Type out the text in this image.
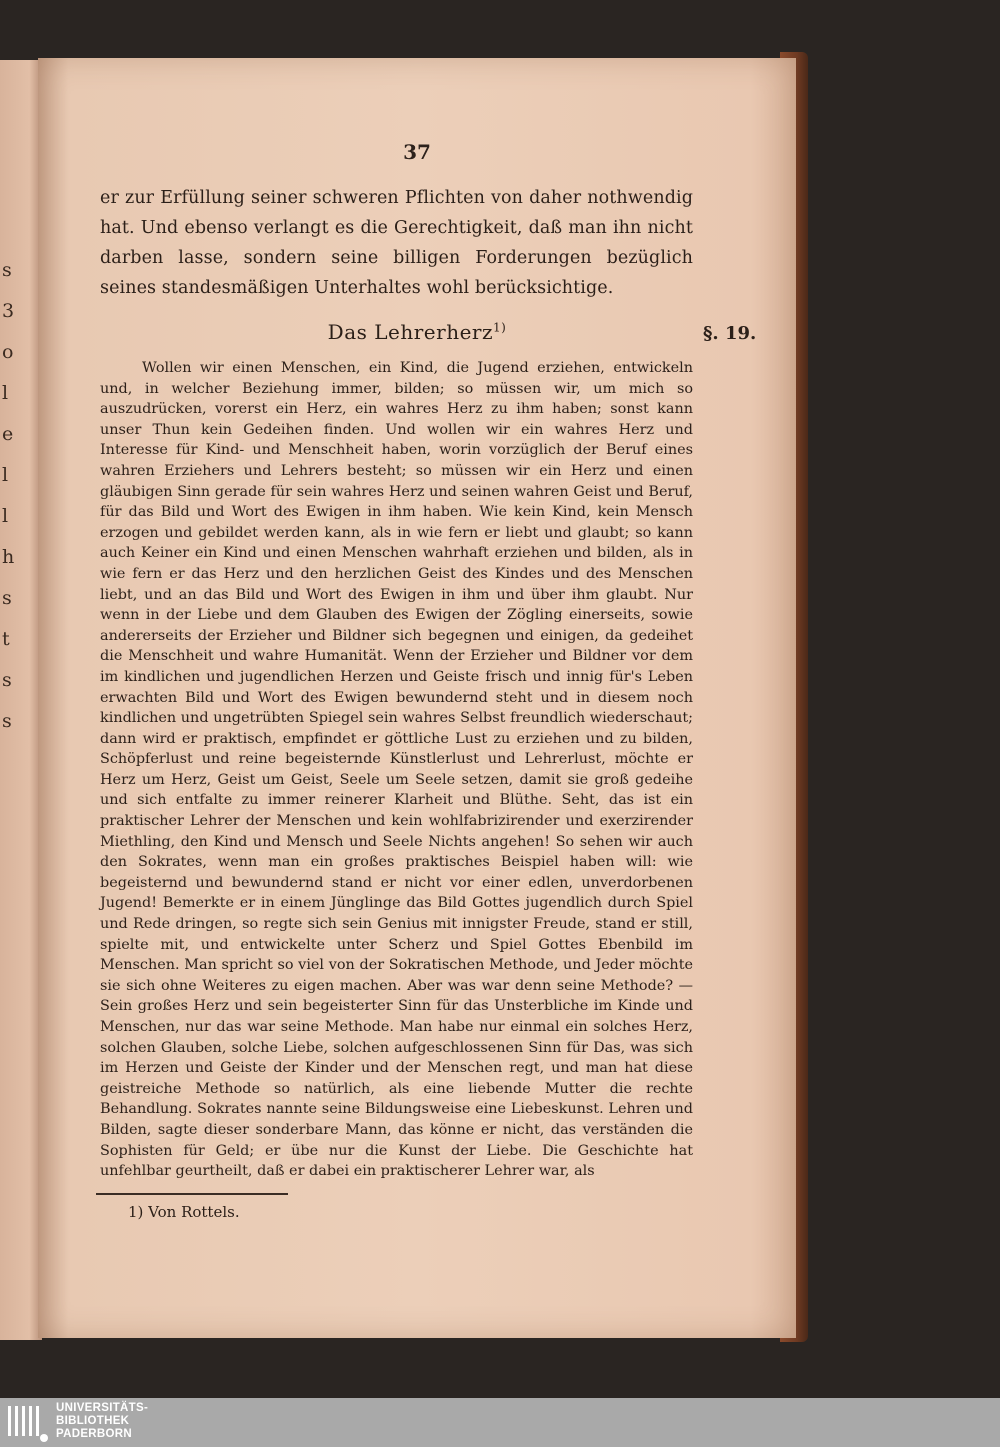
s
3
o
l
e
l
l
h
s
t
s
s
37

er zur Erfüllung seiner schweren Pflichten von daher nothwendig hat. Und ebenso verlangt es die Gerechtigkeit, daß man ihn nicht darben lasse, sondern seine billigen Forderungen bezüglich seines standesmäßigen Unterhaltes wohl berücksichtige.

Das Lehrerherz$^{1)}$	§. 19.

Wollen wir einen Menschen, ein Kind, die Jugend erziehen, entwickeln und, in welcher Beziehung immer, bilden; so müssen wir, um mich so auszudrücken, vorerst ein Herz, ein wahres Herz zu ihm haben; sonst kann unser Thun kein Gedeihen finden. Und wollen wir ein wahres Herz und Interesse für Kind- und Menschheit haben, worin vorzüglich der Beruf eines wahren Erziehers und Lehrers besteht; so müssen wir ein Herz und einen gläubigen Sinn gerade für sein wahres Herz und seinen wahren Geist und Beruf, für das Bild und Wort des Ewigen in ihm haben. Wie kein Kind, kein Mensch erzogen und gebildet werden kann, als in wie fern er liebt und glaubt; so kann auch Keiner ein Kind und einen Menschen wahrhaft erziehen und bilden, als in wie fern er das Herz und den herzlichen Geist des Kindes und des Menschen liebt, und an das Bild und Wort des Ewigen in ihm und über ihm glaubt. Nur wenn in der Liebe und dem Glauben des Ewigen der Zögling einerseits, sowie andererseits der Erzieher und Bildner sich begegnen und einigen, da gedeihet die Menschheit und wahre Humanität. Wenn der Erzieher und Bildner vor dem im kindlichen und jugendlichen Herzen und Geiste frisch und innig für's Leben erwachten Bild und Wort des Ewigen bewundernd steht und in diesem noch kindlichen und ungetrübten Spiegel sein wahres Selbst freundlich wiederschaut; dann wird er praktisch, empfindet er göttliche Lust zu erziehen und zu bilden, Schöpferlust und reine begeisternde Künstlerlust und Lehrerlust, möchte er Herz um Herz, Geist um Geist, Seele um Seele setzen, damit sie groß gedeihe und sich entfalte zu immer reinerer Klarheit und Blüthe. Seht, das ist ein praktischer Lehrer der Menschen und kein wohlfabrizirender und exerzirender Miethling, den Kind und Mensch und Seele Nichts angehen! So sehen wir auch den Sokrates, wenn man ein großes praktisches Beispiel haben will: wie begeisternd und bewundernd stand er nicht vor einer edlen, unverdorbenen Jugend! Bemerkte er in einem Jünglinge das Bild Gottes jugendlich durch Spiel und Rede dringen, so regte sich sein Genius mit innigster Freude, stand er still, spielte mit, und entwickelte unter Scherz und Spiel Gottes Ebenbild im Menschen. Man spricht so viel von der Sokratischen Methode, und Jeder möchte sie sich ohne Weiteres zu eigen machen. Aber was war denn seine Methode? — Sein großes Herz und sein begeisterter Sinn für das Unsterbliche im Kinde und Menschen, nur das war seine Methode. Man habe nur einmal ein solches Herz, solchen Glauben, solche Liebe, solchen aufgeschlossenen Sinn für Das, was sich im Herzen und Geiste der Kinder und der Menschen regt, und man hat diese geistreiche Methode so natürlich, als eine liebende Mutter die rechte Behandlung. Sokrates nannte seine Bildungsweise eine Liebeskunst. Lehren und Bilden, sagte dieser sonderbare Mann, das könne er nicht, das verständen die Sophisten für Geld; er übe nur die Kunst der Liebe. Die Geschichte hat unfehlbar geurtheilt, daß er dabei ein praktischerer Lehrer war, als

1) Von Rottels.
UNIVERSITÄTS-
BIBLIOTHEK
PADERBORN
